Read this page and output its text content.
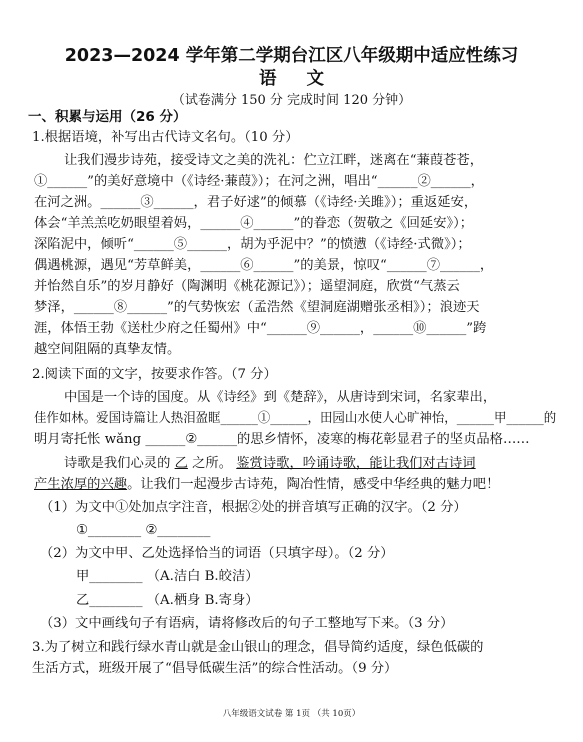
2023—2024 学年第二学期台江区八年级期中适应性练习
语文
（试卷满分 150 分 完成时间 120 分钟）
一、积累与运用（26 分）
1.根据语境，补写出古代诗文名句。（10 分）
让我们漫步诗苑，接受诗文之美的洗礼：伫立江畔，迷离在“蒹葭苍苍，
①______”的美好意境中（《诗经·蒹葭》）；在河之洲，唱出“______②______，
在河之洲。______③______，君子好逑”的倾慕（《诗经·关雎》）；重返延安，
体会“羊羔羔吃奶眼望着妈，______④______”的眷恋（贺敬之《回延安》）；
深陷泥中，倾听“______⑤______，胡为乎泥中？”的愤懑（《诗经·式微》）；
偶遇桃源，遇见“芳草鲜美，______⑥______”的美景，惊叹“______⑦______，
并怡然自乐”的岁月静好（陶渊明《桃花源记》）；遥望洞庭，欣赏“气蒸云
梦泽，______⑧______”的气势恢宏（孟浩然《望洞庭湖赠张丞相》）；浪迹天
涯，体悟王勃《送杜少府之任蜀州》中“______⑨______，______⑩______”跨
越空间阻隔的真挚友情。
2.阅读下面的文字，按要求作答。（7 分）
中国是一个诗的国度。从《诗经》到《楚辞》，从唐诗到宋词，名家辈出，
佳作如林。爱国诗篇让人热泪盈眶______①______，田园山水使人心旷神怡，______甲______的
明月寄托怅 wǎng ______②______的思乡情怀，凌寒的梅花彰显君子的坚贞品格……
诗歌是我们心灵的 乙 之所。 鉴赏诗歌，吟诵诗歌，能让我们对古诗词
产生浓厚的兴趣。让我们一起漫步古诗苑，陶冶性情，感受中华经典的魅力吧！
（1）为文中①处加点字注音，根据②处的拼音填写正确的汉字。（2 分）
①________ ②________
（2）为文中甲、乙处选择恰当的词语（只填字母）。（2 分）
甲________ （A.洁白 B.皎洁）
乙________ （A.栖身 B.寄身）
（3）文中画线句子有语病，请将修改后的句子工整地写下来。（3 分）
3.为了树立和践行绿水青山就是金山银山的理念，倡导简约适度，绿色低碳的
生活方式，班级开展了“倡导低碳生活”的综合性活动。（9 分）
八年级语文试卷 第 1页 （共 10页）
